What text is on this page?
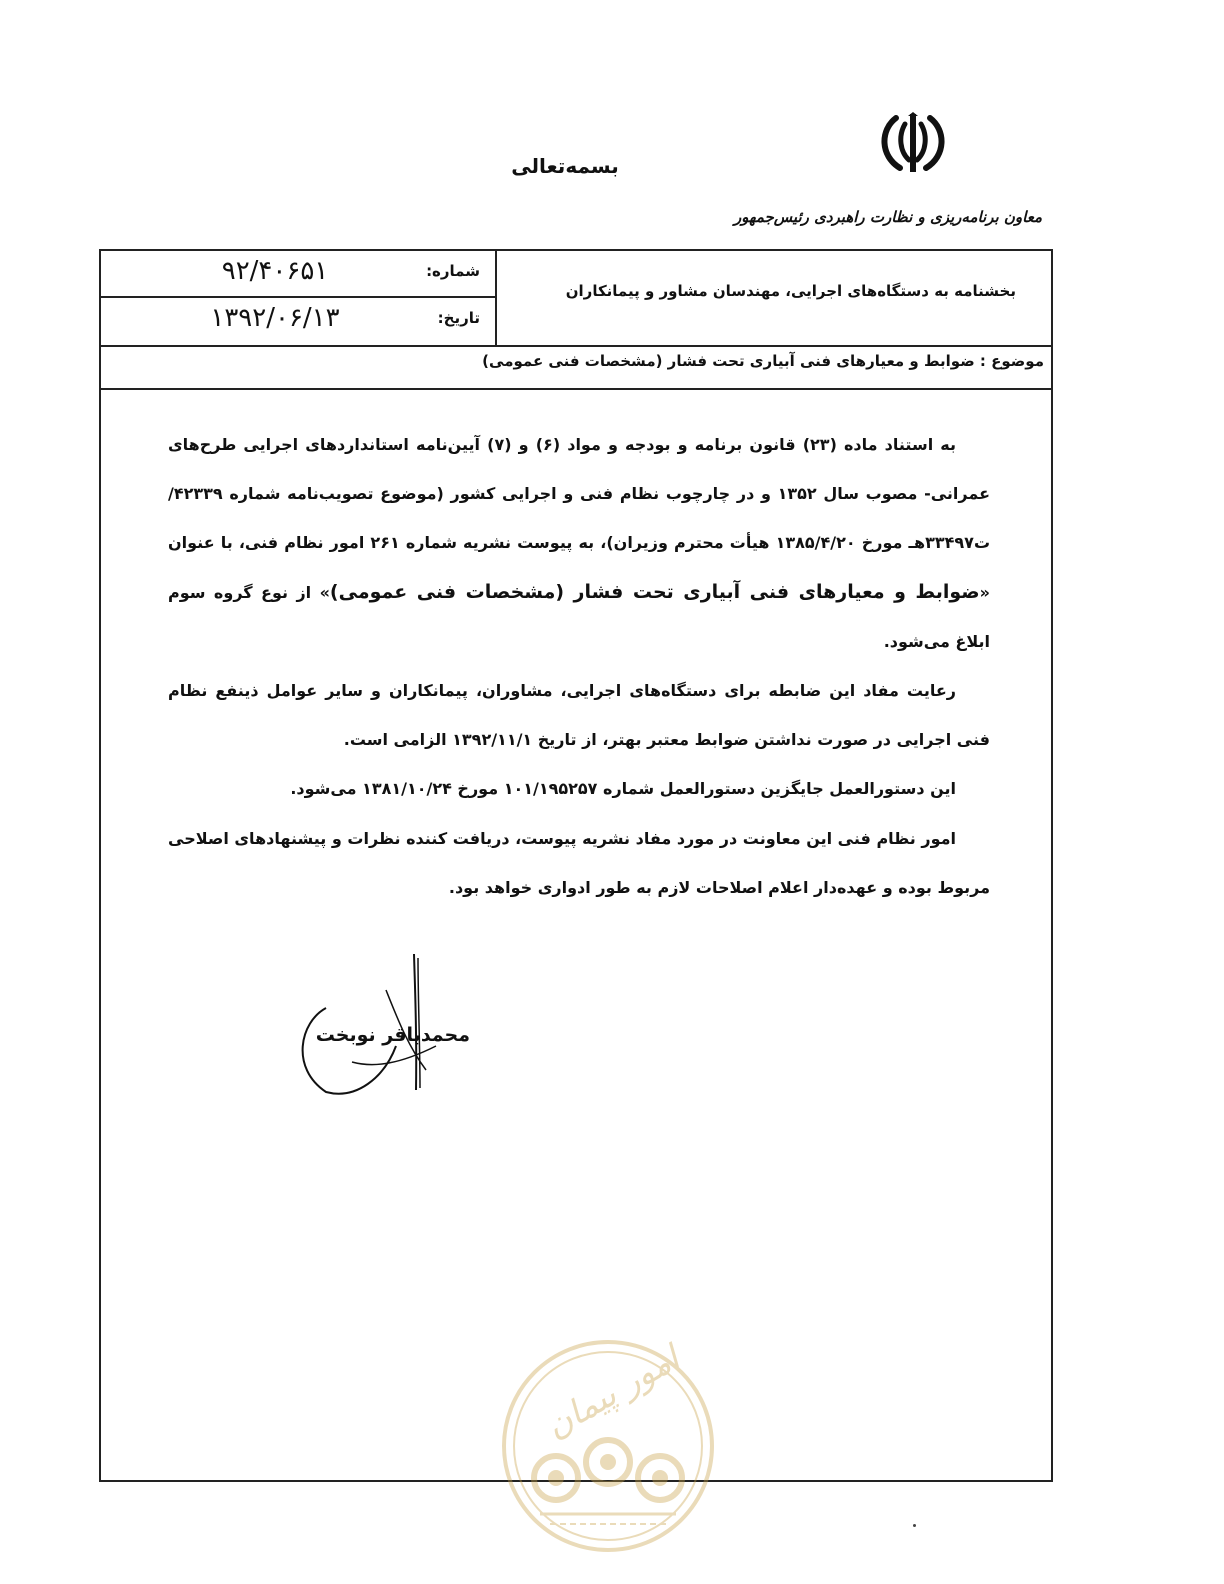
بسمه‌تعالی
معاون برنامه‌ریزی و نظارت راهبردی رئیس‌جمهور
بخشنامه به دستگاه‌های اجرایی، مهندسان مشاور و پیمانکاران
شماره:
۹۲/۴۰۶۵۱
تاریخ:
۱۳۹۲/۰۶/۱۳
موضوع : ضوابط و معیارهای فنی آبیاری تحت فشار (مشخصات فنی عمومی)

به استناد ماده (۲۳) قانون برنامه و بودجه و مواد (۶) و (۷) آیین‌نامه استانداردهای اجرایی طرح‌های عمرانی- مصوب سال ۱۳۵۲ و در چارچوب نظام فنی و اجرایی کشور (موضوع تصویب‌نامه شماره ۴۲۳۳۹/ت۳۳۴۹۷هـ مورخ ۱۳۸۵/۴/۲۰ هیأت محترم وزیران)، به پیوست نشریه شماره ۲۶۱ امور نظام فنی، با عنوان «ضوابط و معیارهای فنی آبیاری تحت فشار (مشخصات فنی عمومی)» از نوع گروه سوم ابلاغ می‌شود.

رعایت مفاد این ضابطه برای دستگاه‌های اجرایی، مشاوران، پیمانکاران و سایر عوامل ذینفع نظام فنی اجرایی در صورت نداشتن ضوابط معتبر بهتر، از تاریخ ۱۳۹۲/۱۱/۱ الزامی است.

این دستورالعمل جایگزین دستورالعمل شماره ۱۰۱/۱۹۵۲۵۷ مورخ ۱۳۸۱/۱۰/۲۴ می‌شود.

امور نظام فنی این معاونت در مورد مفاد نشریه پیوست، دریافت کننده نظرات و پیشنهادهای اصلاحی مربوط بوده و عهده‌دار اعلام اصلاحات لازم به طور ادواری خواهد بود.

محمدباقر نوبخت
امور پیمان
